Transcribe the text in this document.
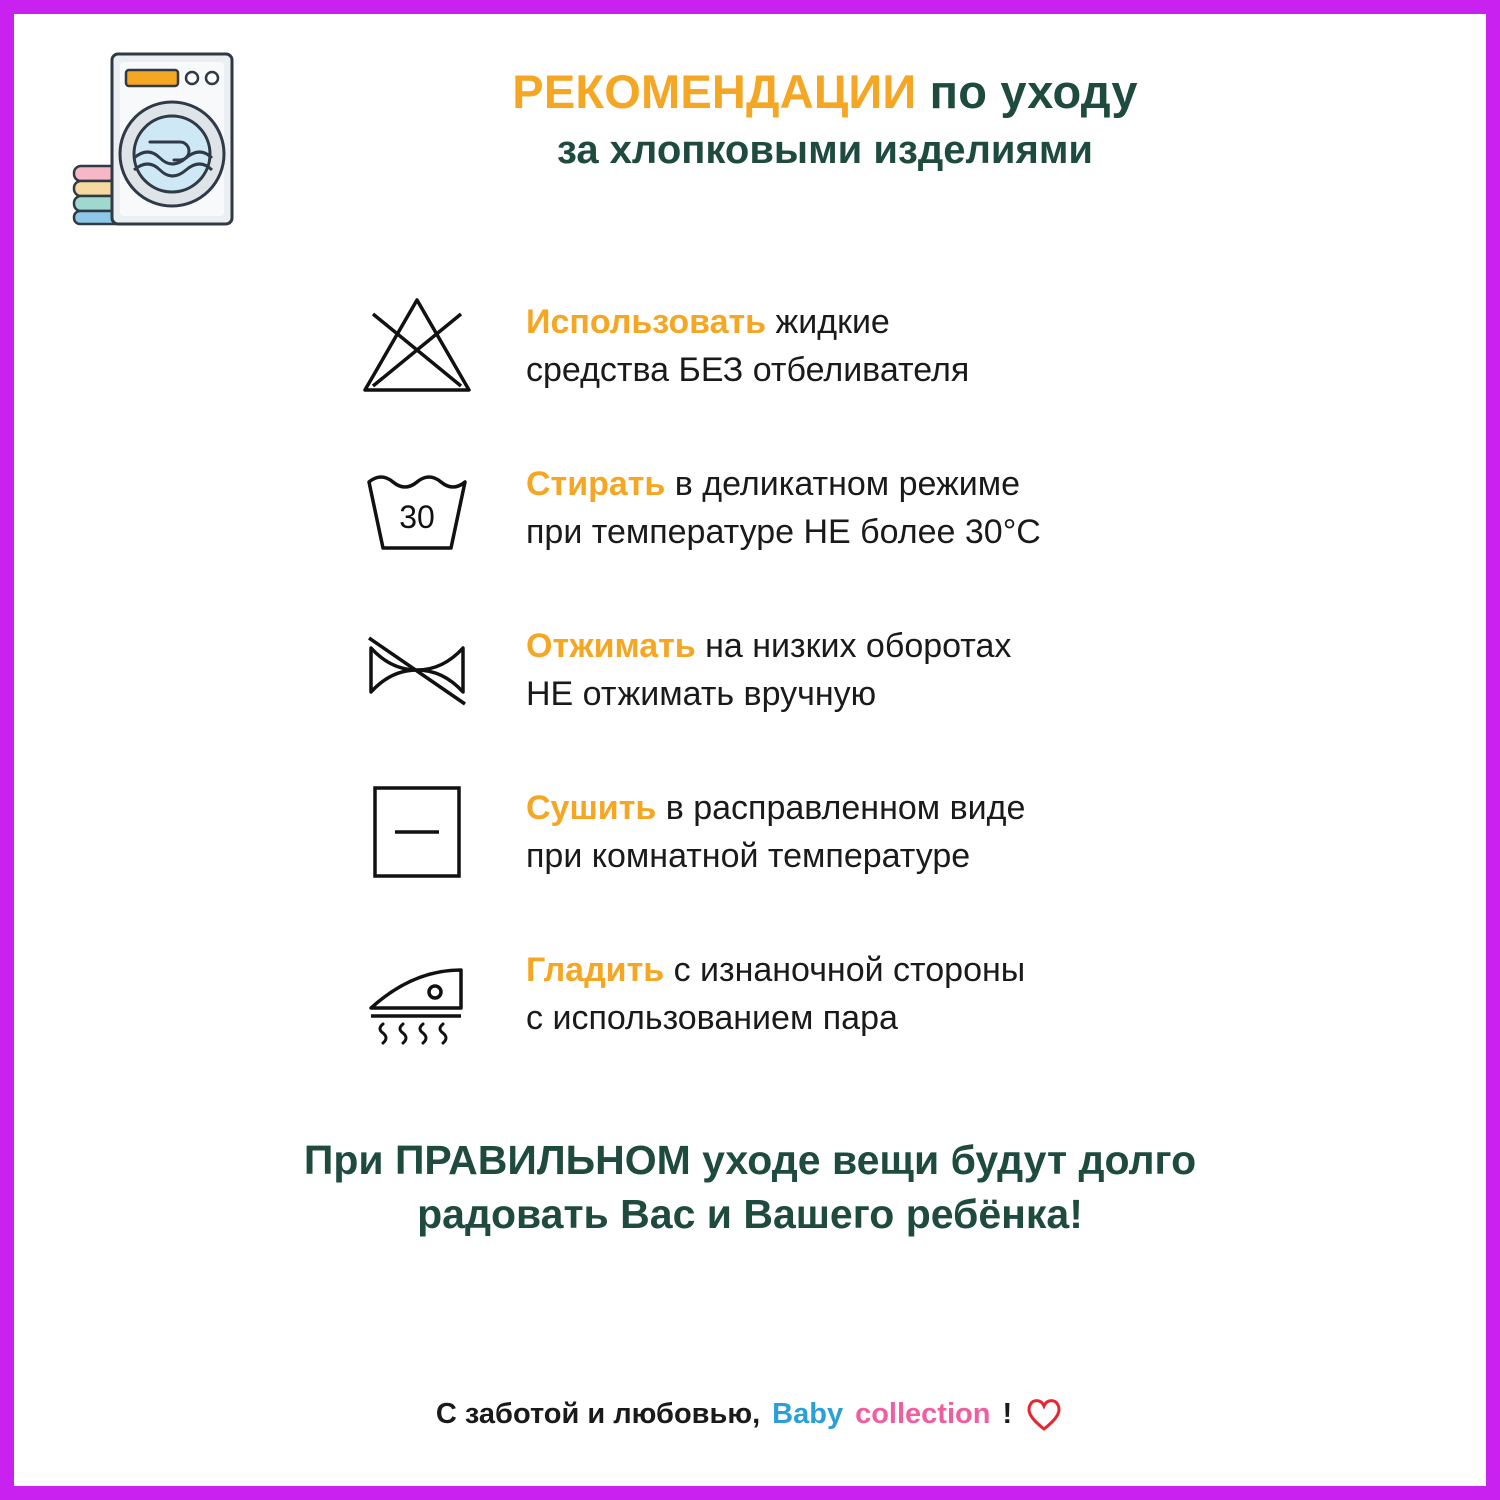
РЕКОМЕНДАЦИИ по уходу
за хлопковыми изделиями
Использовать жидкие
средства БЕЗ отбеливателя
30
Стирать в деликатном режиме
при температуре НЕ более 30°C
Отжимать на низких оборотах
НЕ отжимать вручную
Сушить в расправленном виде
при комнатной температуре
Гладить с изнаночной стороны
с использованием пара
При ПРАВИЛЬНОМ уходе вещи будут долго
радовать Вас и Вашего ребёнка!
С заботой и любовью, Baby collection !
